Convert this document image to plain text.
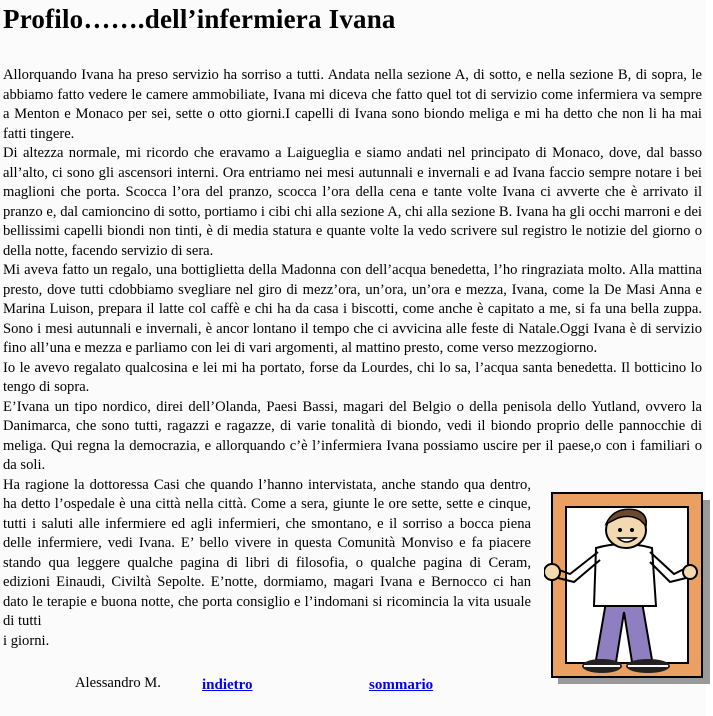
Profilo…….dell’infermiera Ivana

Allorquando Ivana ha preso servizio ha sorriso a tutti. Andata nella sezione A, di sotto, e nella sezione B, di sopra, le abbiamo fatto vedere le camere ammobiliate, Ivana mi diceva che fatto quel tot di servizio come infermiera va sempre a Menton e Monaco per sei, sette o otto giorni.I capelli di Ivana sono biondo meliga e mi ha detto che non li ha mai fatti tingere.

Di altezza normale, mi ricordo che eravamo a Laigueglia e siamo andati nel principato di Monaco, dove, dal basso all’alto, ci sono gli ascensori interni. Ora entriamo nei mesi autunnali e invernali e ad Ivana faccio sempre notare i bei maglioni che porta. Scocca l’ora del pranzo, scocca l’ora della cena e tante volte Ivana ci avverte che è arrivato il pranzo e, dal camioncino di sotto, portiamo i cibi chi alla sezione A, chi alla sezione B. Ivana ha gli occhi marroni e dei bellissimi capelli biondi non tinti, è di media statura e quante volte la vedo scrivere sul registro le notizie del giorno o della notte, facendo servizio di sera.

Mi aveva fatto un regalo, una bottiglietta della Madonna con dell’acqua benedetta, l’ho ringraziata molto. Alla mattina presto, dove tutti cdobbiamo svegliare nel giro di mezz’ora, un’ora, un’ora e mezza, Ivana, come la De Masi Anna e Marina Luison, prepara il latte col caffè e chi ha da casa i biscotti, come anche è capitato a me, si fa una bella zuppa. Sono i mesi autunnali e invernali, è ancor lontano il tempo che ci avvicina alle feste di Natale.Oggi Ivana è di servizio fino all’una e mezza e parliamo con lei di vari argomenti, al mattino presto, come verso mezzogiorno.

Io le avevo regalato qualcosina e lei mi ha portato, forse da Lourdes, chi lo sa, l’acqua santa benedetta. Il botticino lo tengo di sopra.

E’Ivana un tipo nordico, direi dell’Olanda, Paesi Bassi, magari del Belgio o della penisola dello Yutland, ovvero la Danimarca, che sono tutti, ragazzi e ragazze, di varie tonalità di biondo, vedi il biondo proprio delle pannocchie di meliga. Qui regna la democrazia, e allorquando c’è l’infermiera Ivana possiamo uscire per il paese,o con i familiari o da soli.

Ha ragione la dottoressa Casi che quando l’hanno intervistata, anche stando qua dentro, ha detto l’ospedale è una città nella città. Come a sera, giunte le ore sette, sette e cinque, tutti i saluti alle infermiere ed agli infermieri, che smontano, e il sorriso a bocca piena delle infermiere, vedi Ivana. E’ bello vivere in questa Comunità Monviso e fa piacere stando qua leggere qualche pagina di libri di filosofia, o qualche pagina di Ceram, edizioni Einaudi, Civiltà Sepolte. E’notte, dormiamo, magari Ivana e Bernocco ci han dato le terapie e buona notte, che porta consiglio e l’indomani si ricomincia la vita usuale di tutti

i giorni.

Alessandro M.	indietro	sommario
